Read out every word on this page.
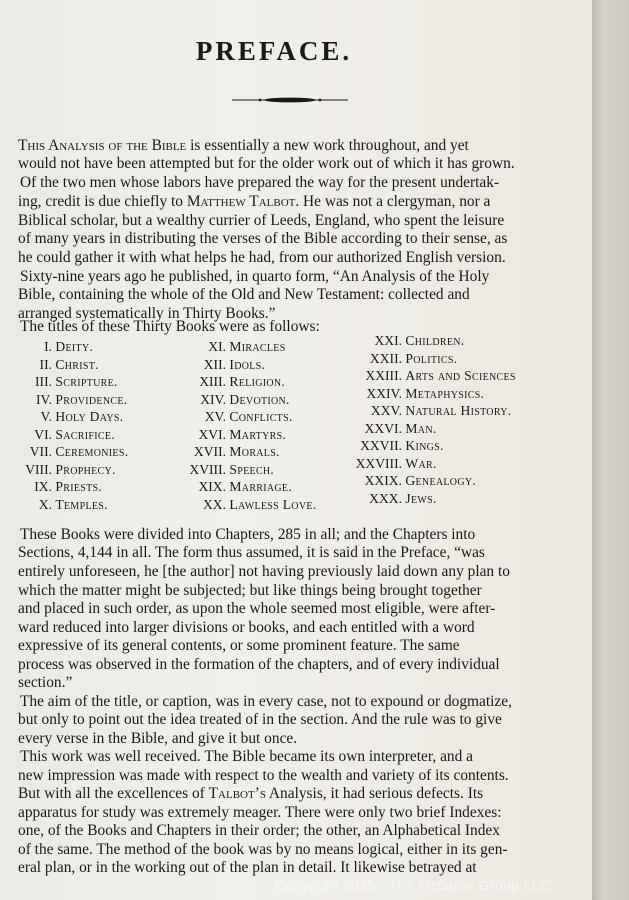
PREFACE.
This Analysis of the Bible is essentially a new work throughout, and yet
would not have been attempted but for the older work out of which it has grown.
Of the two men whose labors have prepared the way for the present undertak-
ing, credit is due chiefly to Matthew Talbot. He was not a clergyman, nor a
Biblical scholar, but a wealthy currier of Leeds, England, who spent the leisure
of many years in distributing the verses of the Bible according to their sense, as
he could gather it with what helps he had, from our authorized English version.
Sixty-nine years ago he published, in quarto form, “An Analysis of the Holy
Bible, containing the whole of the Old and New Testament: collected and
arranged systematically in Thirty Books.”
The titles of these Thirty Books were as follows:
I. Deity.
II. Christ.
III. Scripture.
IV. Providence.
V. Holy Days.
VI. Sacrifice.
VII. Ceremonies.
VIII. Prophecy.
IX. Priests.
X. Temples.
XI. Miracles
XII. Idols.
XIII. Religion.
XIV. Devotion.
XV. Conflicts.
XVI. Martyrs.
XVII. Morals.
XVIII. Speech.
XIX. Marriage.
XX. Lawless Love.
XXI. Children.
XXII. Politics.
XXIII. Arts and Sciences
XXIV. Metaphysics.
XXV. Natural History.
XXVI. Man.
XXVII. Kings.
XXVIII. War.
XXIX. Genealogy.
XXX. Jews.
These Books were divided into Chapters, 285 in all; and the Chapters into
Sections, 4,144 in all. The form thus assumed, it is said in the Preface, “was
entirely unforeseen, he [the author] not having previously laid down any plan to
which the matter might be subjected; but like things being brought together
and placed in such order, as upon the whole seemed most eligible, were after-
ward reduced into larger divisions or books, and each entitled with a word
expressive of its general contents, or some prominent feature. The same
process was observed in the formation of the chapters, and of every individual
section.”
The aim of the title, or caption, was in every case, not to expound or dogmatize,
but only to point out the idea treated of in the section. And the rule was to give
every verse in the Bible, and give it but once.
This work was well received. The Bible became its own interpreter, and a
new impression was made with respect to the wealth and variety of its contents.
But with all the excellences of Talbot’s Analysis, it had serious defects. Its
apparatus for study was extremely meager. There were only two brief Indexes:
one, of the Books and Chapters in their order; the other, an Alphabetical Index
of the same. The method of the book was by no means logical, either in its gen-
eral plan, or in the working out of the plan in detail. It likewise betrayed at
Copyright 2025 - The McGuire Group LLC
